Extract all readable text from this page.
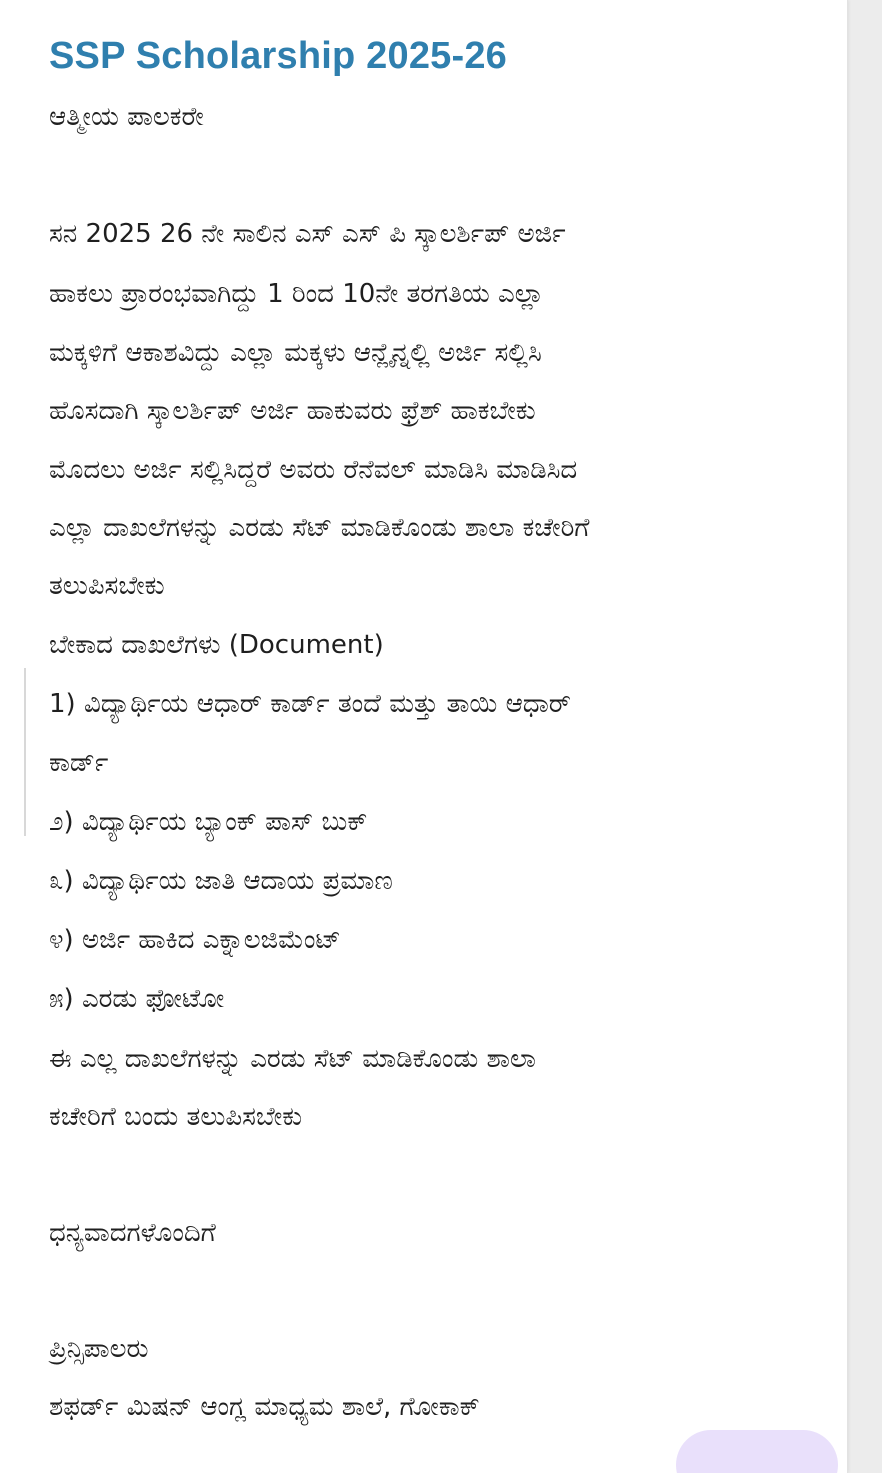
SSP Scholarship 2025-26

ಆತ್ಮೀಯ ಪಾಲಕರೇ

ಸನ 2025 26 ನೇ ಸಾಲಿನ ಎಸ್ ಎಸ್ ಪಿ ಸ್ಕಾಲರ್ಶಿಪ್ ಅರ್ಜಿ

ಹಾಕಲು ಪ್ರಾರಂಭವಾಗಿದ್ದು 1 ರಿಂದ 10ನೇ ತರಗತಿಯ ಎಲ್ಲಾ

ಮಕ್ಕಳಿಗೆ ಆಕಾಶವಿದ್ದು ಎಲ್ಲಾ ಮಕ್ಕಳು ಆನ್ಲೈನ್ನಲ್ಲಿ ಅರ್ಜಿ ಸಲ್ಲಿಸಿ

ಹೊಸದಾಗಿ ಸ್ಕಾಲರ್ಶಿಪ್ ಅರ್ಜಿ ಹಾಕುವರು ಫ್ರೆಶ್ ಹಾಕಬೇಕು

ಮೊದಲು ಅರ್ಜಿ ಸಲ್ಲಿಸಿದ್ದರೆ ಅವರು ರೆನೆವಲ್ ಮಾಡಿಸಿ ಮಾಡಿಸಿದ

ಎಲ್ಲಾ ದಾಖಲೆಗಳನ್ನು ಎರಡು ಸೆಟ್ ಮಾಡಿಕೊಂಡು ಶಾಲಾ ಕಚೇರಿಗೆ

ತಲುಪಿಸಬೇಕು

ಬೇಕಾದ ದಾಖಲೆಗಳು (Document)

1) ವಿದ್ಯಾರ್ಥಿಯ ಆಧಾರ್ ಕಾರ್ಡ್ ತಂದೆ ಮತ್ತು ತಾಯಿ ಆಧಾರ್

ಕಾರ್ಡ್

೨) ವಿದ್ಯಾರ್ಥಿಯ ಬ್ಯಾಂಕ್ ಪಾಸ್ ಬುಕ್

೩) ವಿದ್ಯಾರ್ಥಿಯ ಜಾತಿ ಆದಾಯ ಪ್ರಮಾಣ

೪) ಅರ್ಜಿ ಹಾಕಿದ ಎಕ್ನಾಲಜಿಮೆಂಟ್

೫) ಎರಡು ಫೋಟೋ

ಈ ಎಲ್ಲ ದಾಖಲೆಗಳನ್ನು ಎರಡು ಸೆಟ್ ಮಾಡಿಕೊಂಡು ಶಾಲಾ

ಕಚೇರಿಗೆ ಬಂದು ತಲುಪಿಸಬೇಕು

ಧನ್ಯವಾದಗಳೊಂದಿಗೆ

ಪ್ರಿನ್ಸಿಪಾಲರು

ಶಫರ್ಡ್ ಮಿಷನ್ ಆಂಗ್ಲ ಮಾಧ್ಯಮ ಶಾಲೆ, ಗೋಕಾಕ್
